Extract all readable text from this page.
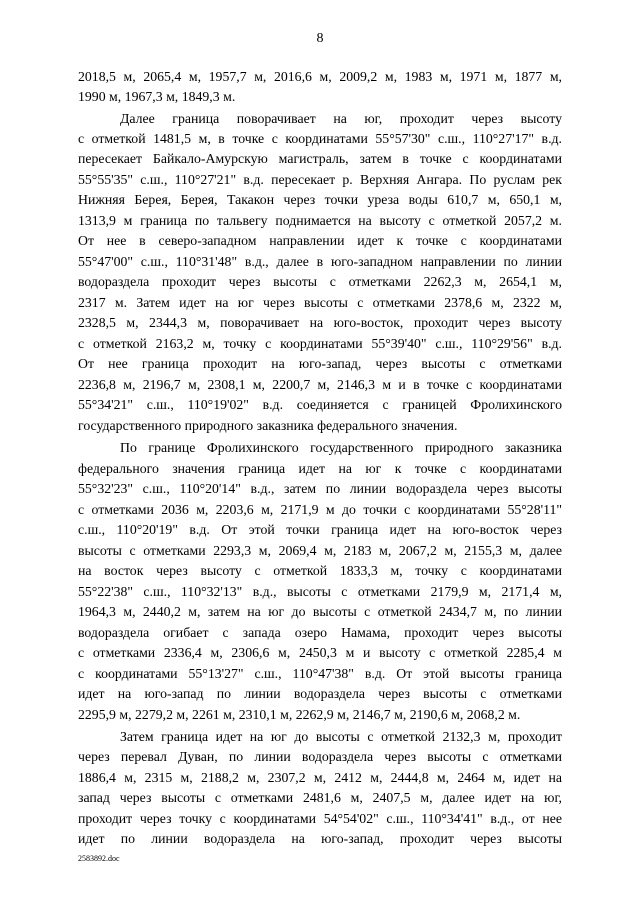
8
2018,5 м, 2065,4 м, 1957,7 м, 2016,6 м, 2009,2 м, 1983 м, 1971 м, 1877 м,
1990 м, 1967,3 м, 1849,3 м.
Далее граница поворачивает на юг, проходит через высоту
с отметкой 1481,5 м, в точке с координатами 55°57'30" с.ш., 110°27'17" в.д.
пересекает Байкало-Амурскую магистраль, затем в точке с координатами
55°55'35" с.ш., 110°27'21" в.д. пересекает р. Верхняя Ангара. По руслам рек
Нижняя Берея, Берея, Такакон через точки уреза воды 610,7 м, 650,1 м,
1313,9 м граница по тальвегу поднимается на высоту с отметкой 2057,2 м.
От нее в северо-западном направлении идет к точке с координатами
55°47'00" с.ш., 110°31'48" в.д., далее в юго-западном направлении по линии
водораздела проходит через высоты с отметками 2262,3 м, 2654,1 м,
2317 м. Затем идет на юг через высоты с отметками 2378,6 м, 2322 м,
2328,5 м, 2344,3 м, поворачивает на юго-восток, проходит через высоту
с отметкой 2163,2 м, точку с координатами 55°39'40" с.ш., 110°29'56" в.д.
От нее граница проходит на юго-запад, через высоты с отметками
2236,8 м, 2196,7 м, 2308,1 м, 2200,7 м, 2146,3 м и в точке с координатами
55°34'21" с.ш., 110°19'02" в.д. соединяется с границей Фролихинского
государственного природного заказника федерального значения.
По границе Фролихинского государственного природного заказника
федерального значения граница идет на юг к точке с координатами
55°32'23" с.ш., 110°20'14" в.д., затем по линии водораздела через высоты
с отметками 2036 м, 2203,6 м, 2171,9 м до точки с координатами 55°28'11"
с.ш., 110°20'19" в.д. От этой точки граница идет на юго-восток через
высоты с отметками 2293,3 м, 2069,4 м, 2183 м, 2067,2 м, 2155,3 м, далее
на восток через высоту с отметкой 1833,3 м, точку с координатами
55°22'38" с.ш., 110°32'13" в.д., высоты с отметками 2179,9 м, 2171,4 м,
1964,3 м, 2440,2 м, затем на юг до высоты с отметкой 2434,7 м, по линии
водораздела огибает с запада озеро Намама, проходит через высоты
с отметками 2336,4 м, 2306,6 м, 2450,3 м и высоту с отметкой 2285,4 м
с координатами 55°13'27" с.ш., 110°47'38" в.д. От этой высоты граница
идет на юго-запад по линии водораздела через высоты с отметками
2295,9 м, 2279,2 м, 2261 м, 2310,1 м, 2262,9 м, 2146,7 м, 2190,6 м, 2068,2 м.
Затем граница идет на юг до высоты с отметкой 2132,3 м, проходит
через перевал Дуван, по линии водораздела через высоты с отметками
1886,4 м, 2315 м, 2188,2 м, 2307,2 м, 2412 м, 2444,8 м, 2464 м, идет на
запад через высоты с отметками 2481,6 м, 2407,5 м, далее идет на юг,
проходит через точку с координатами 54°54'02" с.ш., 110°34'41" в.д., от нее
идет по линии водораздела на юго-запад, проходит через высоты
2583892.doc
